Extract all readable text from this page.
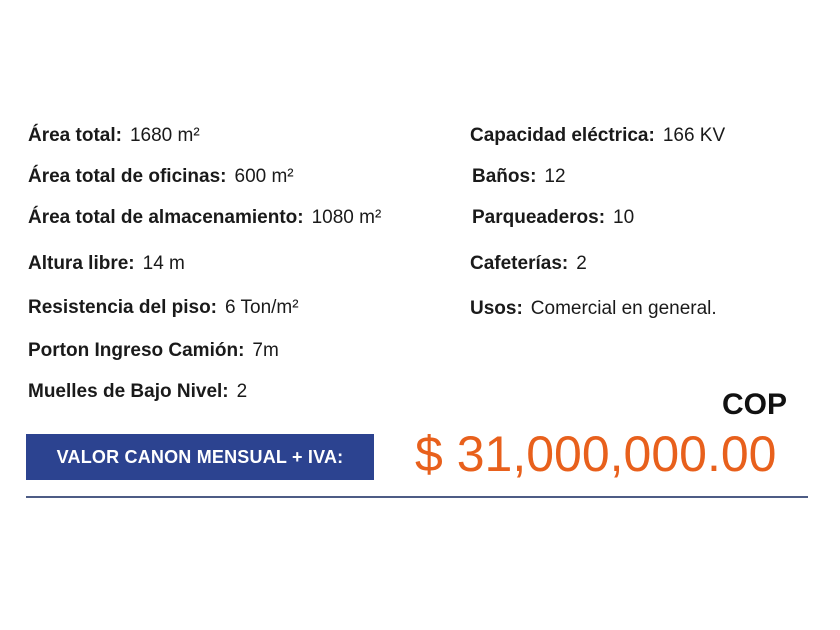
Área total: 1680 m²
Área total de oficinas: 600 m²
Área total de almacenamiento: 1080 m²
Altura libre: 14 m
Resistencia del piso: 6 Ton/m²
Porton Ingreso Camión: 7m
Muelles de Bajo Nivel: 2
Capacidad eléctrica: 166 KV
Baños: 12
Parqueaderos: 10
Cafeterías: 2
Usos: Comercial en general.
COP
VALOR CANON MENSUAL + IVA: $ 31,000,000.00
